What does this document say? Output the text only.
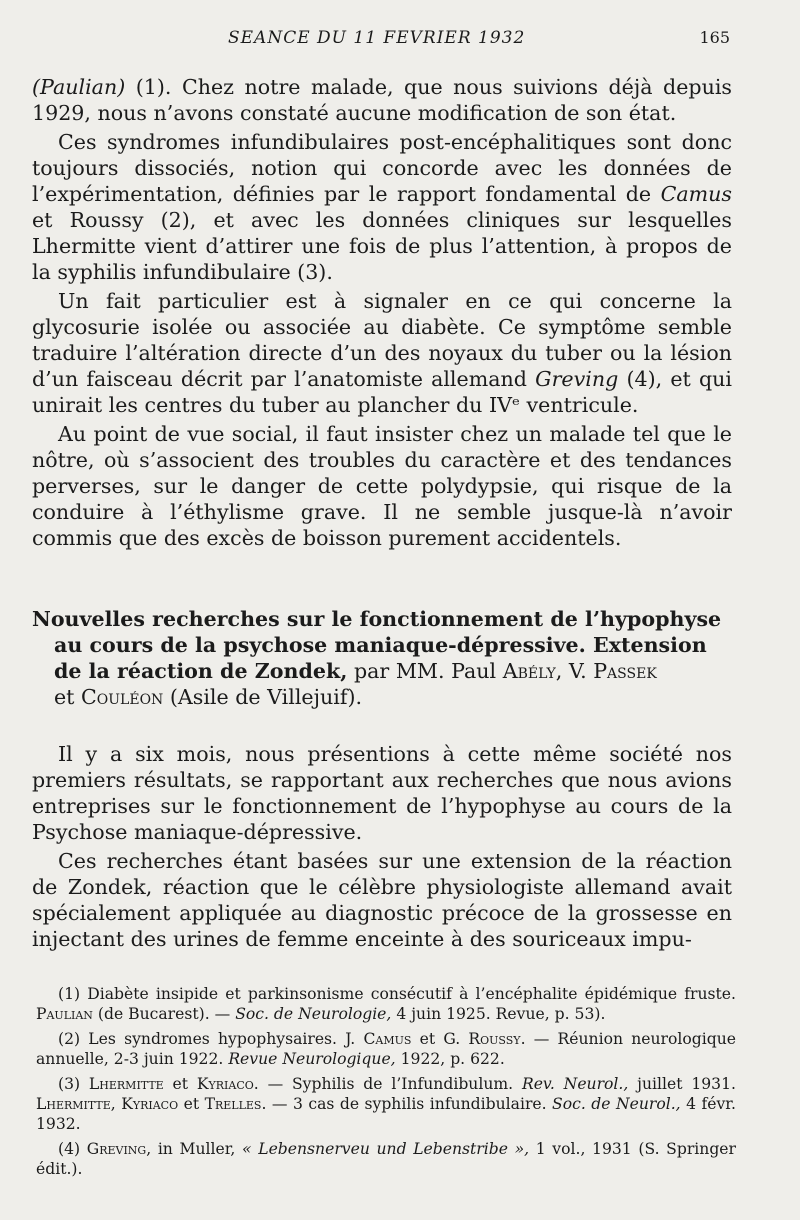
SEANCE DU 11 FEVRIER 1932	165

(Paulian) (1). Chez notre malade, que nous suivions déjà depuis 1929, nous n’avons constaté aucune modification de son état.

Ces syndromes infundibulaires post-encéphalitiques sont donc toujours dissociés, notion qui concorde avec les données de l’expérimentation, définies par le rapport fondamental de Camus et Roussy (2), et avec les données cliniques sur lesquelles Lhermitte vient d’attirer une fois de plus l’attention, à propos de la syphilis infundibulaire (3).

Un fait particulier est à signaler en ce qui concerne la glycosurie isolée ou associée au diabète. Ce symptôme semble traduire l’altération directe d’un des noyaux du tuber ou la lésion d’un faisceau décrit par l’anatomiste allemand Greving (4), et qui unirait les centres du tuber au plancher du IVᵉ ventricule.

Au point de vue social, il faut insister chez un malade tel que le nôtre, où s’associent des troubles du caractère et des tendances perverses, sur le danger de cette polydypsie, qui risque de la conduire à l’éthylisme grave. Il ne semble jusque-là n’avoir commis que des excès de boisson purement accidentels.

Nouvelles recherches sur le fonctionnement de l’hypophyse
au cours de la psychose maniaque-dépressive. Extension
de la réaction de Zondek, par MM. Paul Abély, V. Passek
et Couléon (Asile de Villejuif).

Il y a six mois, nous présentions à cette même société nos premiers résultats, se rapportant aux recherches que nous avions entreprises sur le fonctionnement de l’hypophyse au cours de la Psychose maniaque-dépressive.

Ces recherches étant basées sur une extension de la réaction de Zondek, réaction que le célèbre physiologiste allemand avait spécialement appliquée au diagnostic précoce de la grossesse en injectant des urines de femme enceinte à des souriceaux impu-

(1) Diabète insipide et parkinsonisme consécutif à l’encéphalite épidémique fruste. Paulian (de Bucarest). — Soc. de Neurologie, 4 juin 1925. Revue, p. 53).

(2) Les syndromes hypophysaires. J. Camus et G. Roussy. — Réunion neurologique annuelle, 2-3 juin 1922. Revue Neurologique, 1922, p. 622.

(3) Lhermitte et Kyriaco. — Syphilis de l’Infundibulum. Rev. Neurol., juillet 1931. Lhermitte, Kyriaco et Trelles. — 3 cas de syphilis infundibulaire. Soc. de Neurol., 4 févr. 1932.

(4) Greving, in Muller, « Lebensnerveu und Lebenstribe », 1 vol., 1931 (S. Springer édit.).
